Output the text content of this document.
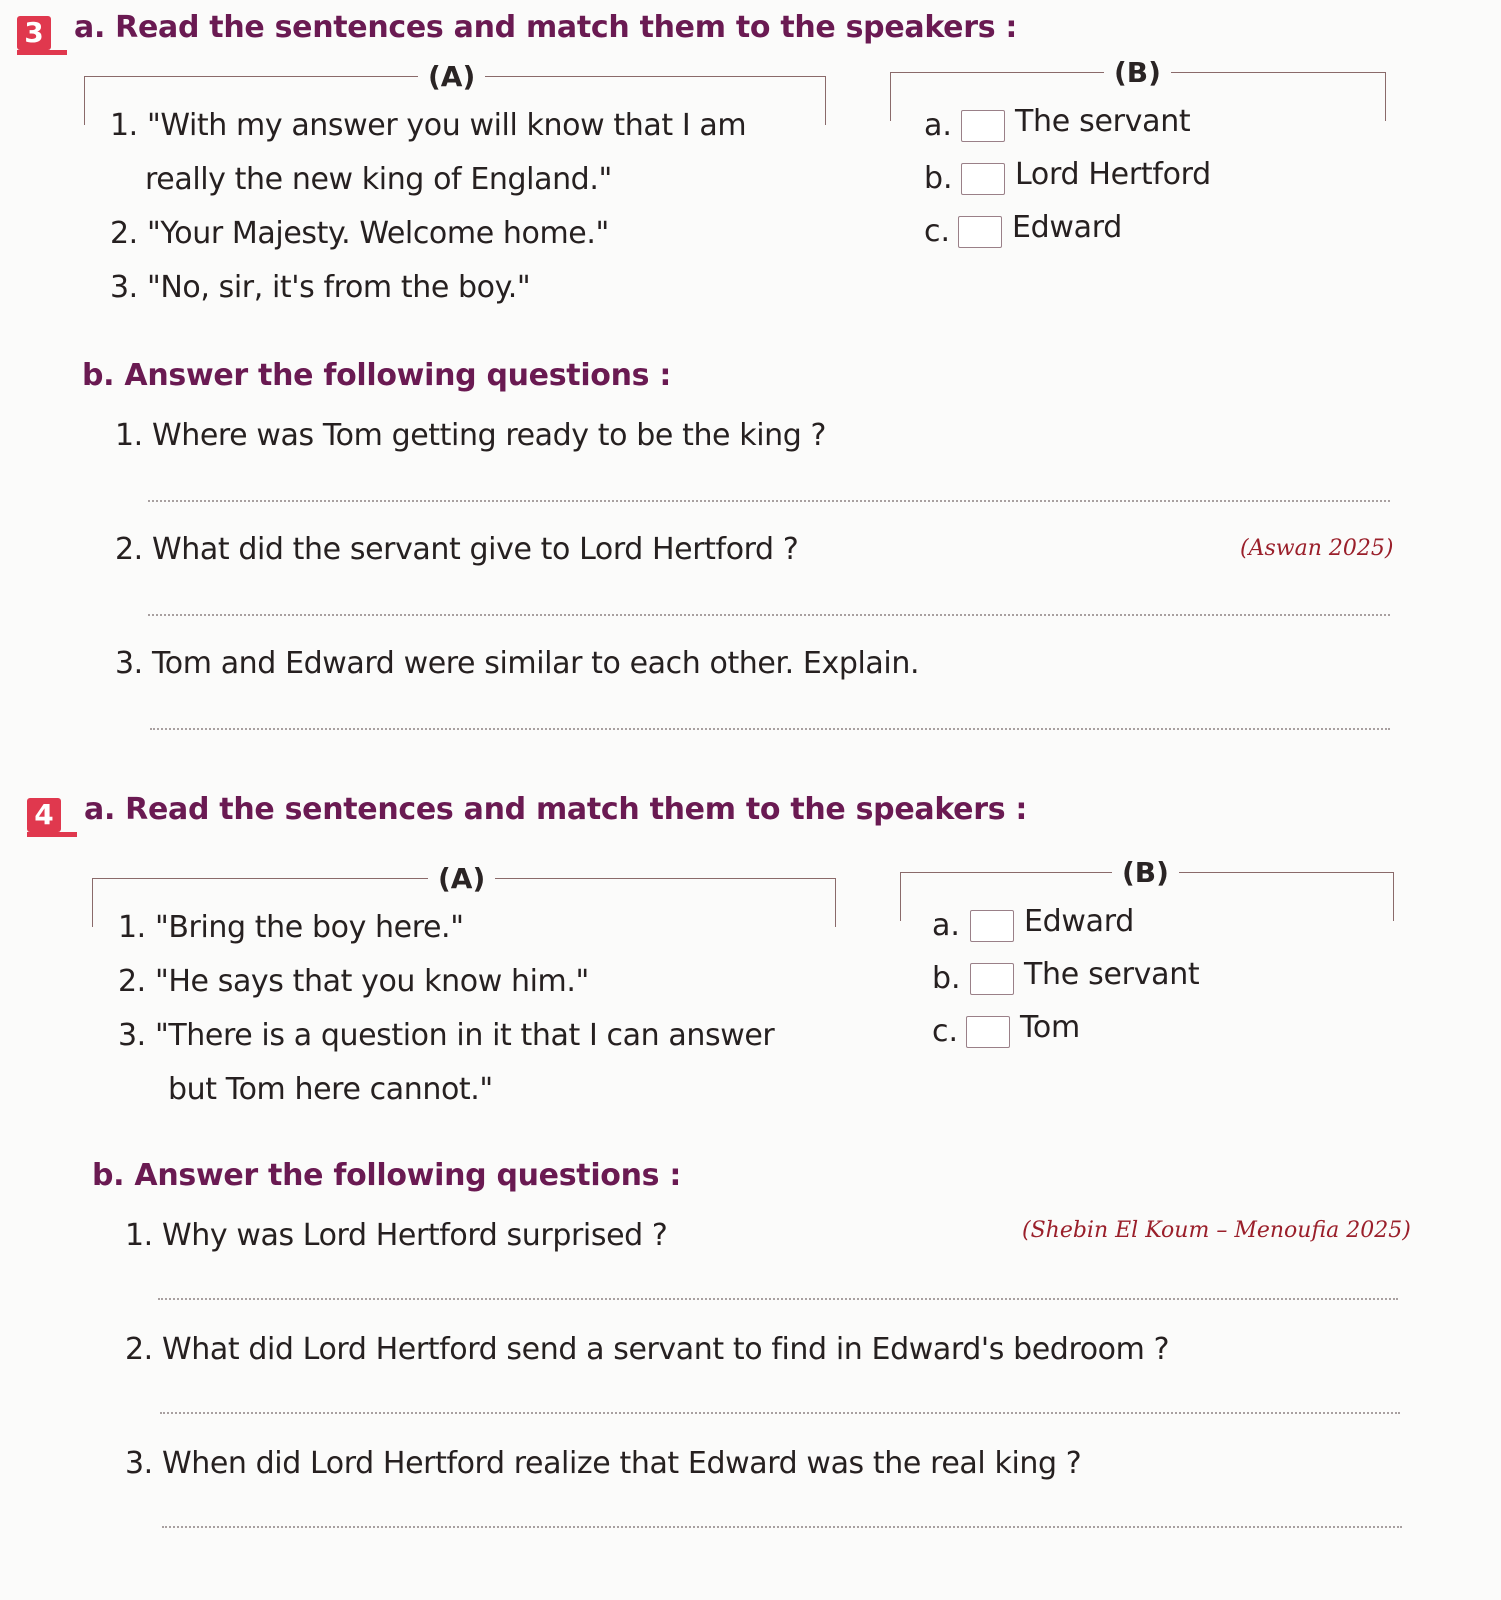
3 a. Read the sentences and match them to the speakers :
(A)	(B)
1. "With my answer you will know that I am
really the new king of England."
2. "Your Majesty. Welcome home."
3. "No, sir, it's from the boy."
a. The servant
b. Lord Hertford
c. Edward
b. Answer the following questions :
1. Where was Tom getting ready to be the king ?
2. What did the servant give to Lord Hertford ?	(Aswan 2025)
3. Tom and Edward were similar to each other. Explain.
4 a. Read the sentences and match them to the speakers :
(A)	(B)
1. "Bring the boy here."
2. "He says that you know him."
3. "There is a question in it that I can answer
but Tom here cannot."
a. Edward
b. The servant
c. Tom
b. Answer the following questions :
1. Why was Lord Hertford surprised ?	(Shebin El Koum – Menoufia 2025)
2. What did Lord Hertford send a servant to find in Edward's bedroom ?
3. When did Lord Hertford realize that Edward was the real king ?
